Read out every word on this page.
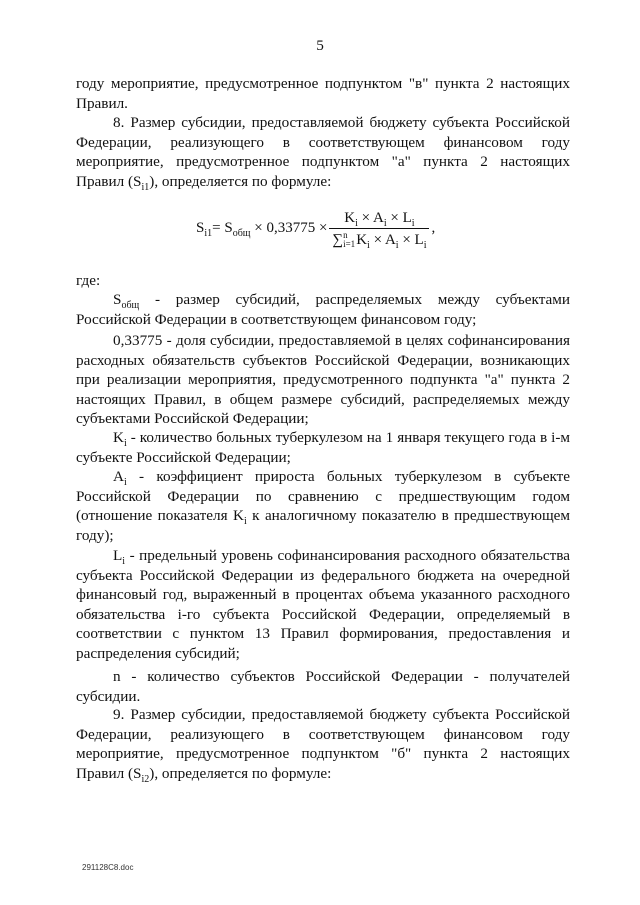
5
году мероприятие, предусмотренное подпунктом "в" пункта 2 настоящих
Правил.
8. Размер субсидии, предоставляемой бюджету субъекта Российской Федерации, реализующего в соответствующем финансовом году мероприятие, предусмотренное подпунктом "а" пункта 2 настоящих Правил $(S_{i1})$, определяется по формуле:
$S_{i1} = S_{общ} \times 0,33775 \times K_i \times A_i \times L_i$
∑ n
i=1 $K_i \times A_i \times L_i$ ,
где:
$S_{общ}$ - размер субсидий, распределяемых между субъектами Российской Федерации в соответствующем финансовом году;
0,33775 - доля субсидии, предоставляемой в целях софинансирования расходных обязательств субъектов Российской Федерации, возникающих при реализации мероприятия, предусмотренного подпункта "а" пункта 2 настоящих Правил, в общем размере субсидий, распределяемых между субъектами Российской Федерации;
$K_i$ - количество больных туберкулезом на 1 января текущего года в i-м субъекте Российской Федерации;
$A_i$ - коэффициент прироста больных туберкулезом в субъекте Российской Федерации по сравнению с предшествующим годом (отношение показателя $K_i$ к аналогичному показателю в предшествующем году);
$L_i$ - предельный уровень софинансирования расходного обязательства субъекта Российской Федерации из федерального бюджета на очередной финансовый год, выраженный в процентах объема указанного расходного обязательства i-го субъекта Российской Федерации, определяемый в соответствии с пунктом 13 Правил формирования, предоставления и распределения субсидий;
n - количество субъектов Российской Федерации - получателей субсидии.
9. Размер субсидии, предоставляемой бюджету субъекта Российской Федерации, реализующего в соответствующем финансовом году мероприятие, предусмотренное подпунктом "б" пункта 2 настоящих Правил $(S_{i2})$, определяется по формуле:
291128C8.doc
